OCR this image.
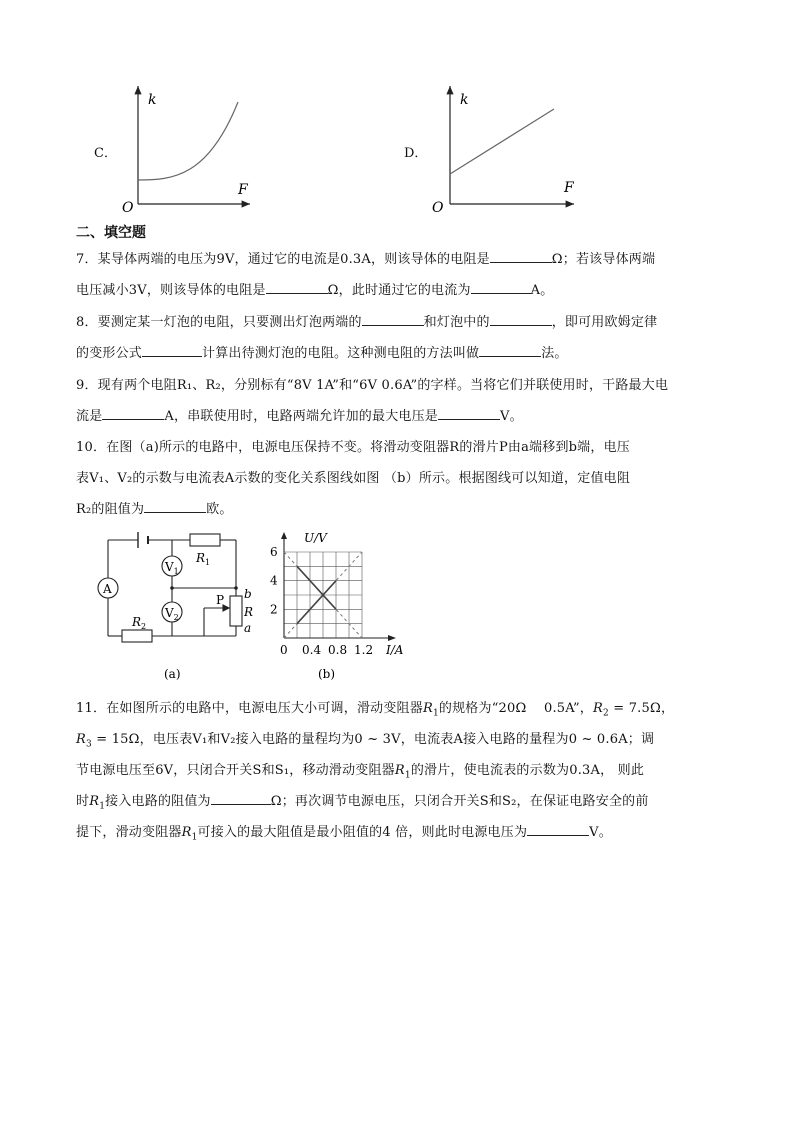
C．
k
F
O
D．
k
F
O
二、填空题
7．某导体两端的电压为9V，通过它的电流是0.3A，则该导体的电阻是	Ω；若该导体两端
电压减小3V，则该导体的电阻是	Ω，此时通过它的电流为	A。
8．要测定某一灯泡的电阻，只要测出灯泡两端的	和灯泡中的	，即可用欧姆定律
的变形公式	计算出待测灯泡的电阻。这种测电阻的方法叫做	法。
9．现有两个电阻R₁、R₂，分别标有“8V 1A”和“6V 0.6A”的字样。当将它们并联使用时，干路最大电
流是	A，串联使用时，电路两端允许加的最大电压是	V。
10．在图（a)所示的电路中，电源电压保持不变。将滑动变阻器R的滑片P由a端移到b端，电压
表V₁、V₂的示数与电流表A示数的变化关系图线如图 （b）所示。根据图线可以知道，定值电阻
R₂的阻值为	欧。
A
$V_1$
$V_2$
$R_1$
$R_2$
P b
R
a
(a)
U/V
I/A
(b)
6
4
2
0 0.4 0.8 1.2
11．在如图所示的电路中，电源电压大小可调，滑动变阻器$R_1$的规格为“20Ω　 0.5A”，$R_2 = 7.5\Omega$，
$R_3 = 15\Omega$，电压表V₁和V₂接入电路的量程均为0 ~ 3V，电流表A接入电路的量程为0 ~ 0.6A；调
节电源电压至6V，只闭合开关S和S₁，移动滑动变阻器$R_1$的滑片，使电流表的示数为0.3A， 则此
时$R_1$接入电路的阻值为	Ω；再次调节电源电压，只闭合开关S和S₂，在保证电路安全的前
提下，滑动变阻器$R_1$可接入的最大阻值是最小阻值的4 倍，则此时电源电压为	V。
